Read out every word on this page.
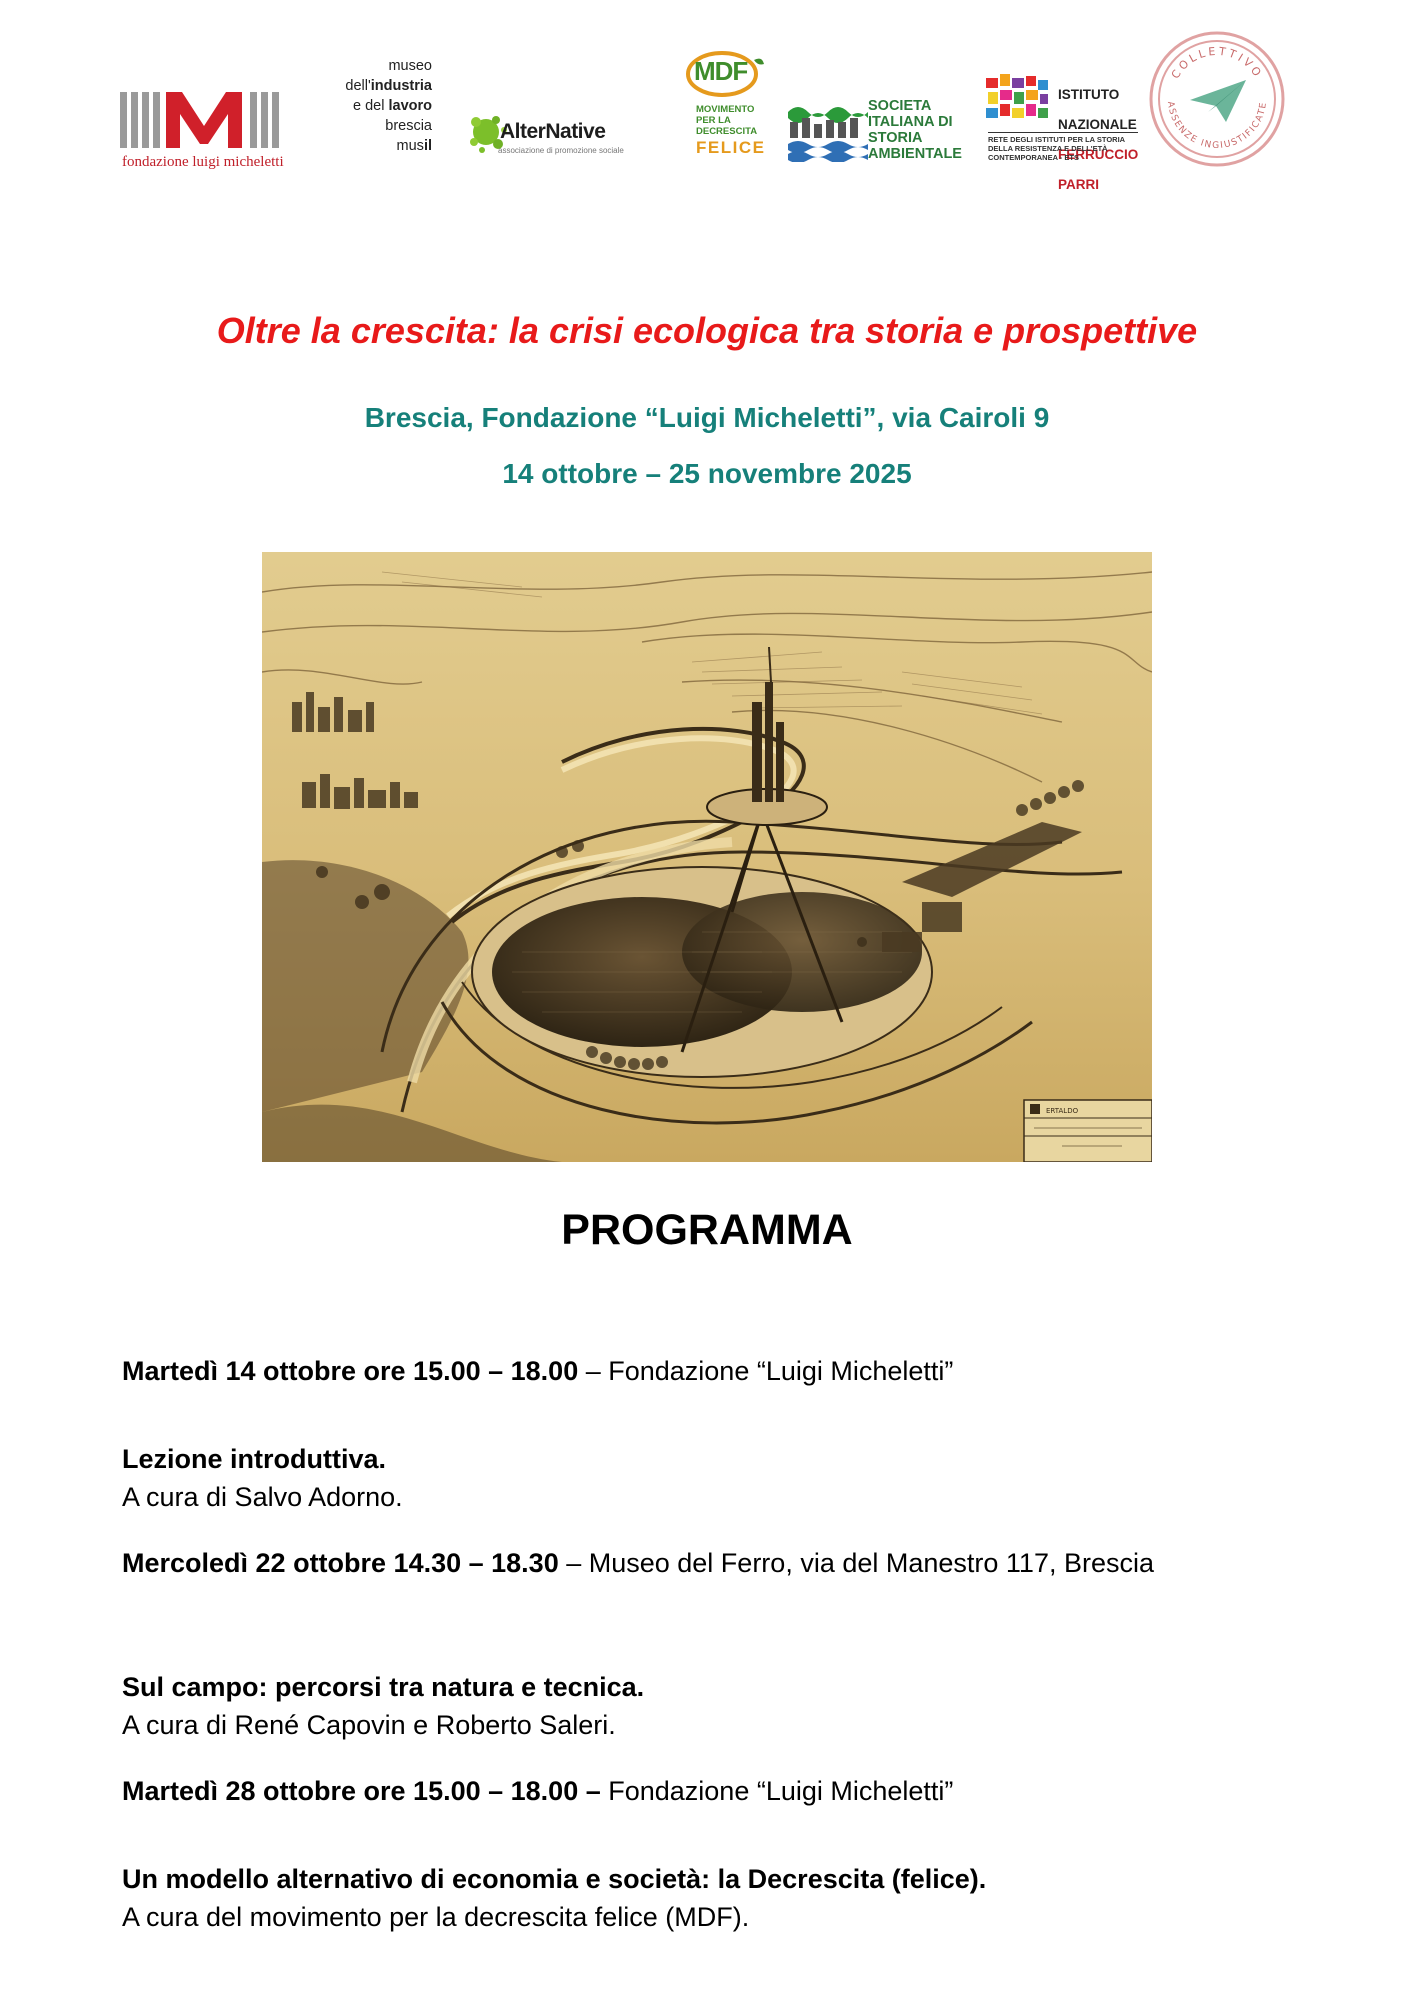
fondazione luigi micheletti
museo
dell'industria
e del lavoro
brescia
musil
AlterNative
associazione di promozione sociale
MDF
MOVIMENTO
PER LA DECRESCITA
FELICE
SOCIETA
ITALIANA DI
STORIA
AMBIENTALE

ISTITUTO

NAZIONALE

FERRUCCIO

PARRI

RETE DEGLI ISTITUTI PER LA STORIA
DELLA RESISTENZA E DELL'ETÀ
CONTEMPORANEA - ETS
COLLETTIVO
ASSENZE INGIUSTIFICATE
Oltre la crescita: la crisi ecologica tra storia e prospettive
Brescia, Fondazione “Luigi Micheletti”, via Cairoli 9
14 ottobre – 25 novembre 2025
ERTALDO
PROGRAMMA
Martedì 14 ottobre ore 15.00 – 18.00 – Fondazione “Luigi Micheletti”
Lezione introduttiva.
A cura di Salvo Adorno.
Mercoledì 22 ottobre 14.30 – 18.30 – Museo del Ferro, via del Manestro 117, Brescia
Sul campo: percorsi tra natura e tecnica.
A cura di René Capovin e Roberto Saleri.
Martedì 28 ottobre ore 15.00 – 18.00 – Fondazione “Luigi Micheletti”
Un modello alternativo di economia e società: la Decrescita (felice).
A cura del movimento per la decrescita felice (MDF).
